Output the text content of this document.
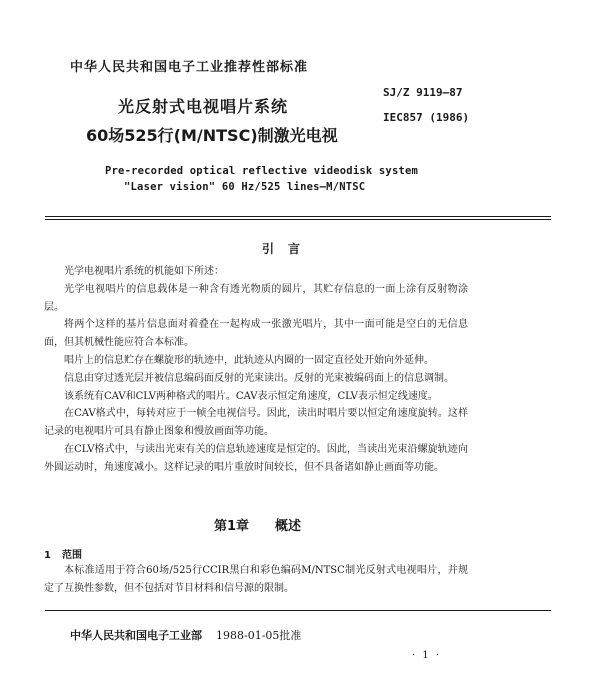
中华人民共和国电子工业推荐性部标准
光反射式电视唱片系统
60场525行(M/NTSC)制激光电视
SJ/Z 9119—87
IEC857 (1986)
Pre-recorded optical reflective videodisk system
"Laser vision" 60 Hz/525 lines—M/NTSC
引言

光学电视唱片系统的机能如下所述：

光学电视唱片的信息载体是一种含有透光物质的圆片，其贮存信息的一面上涂有反射物涂层。

将两个这样的基片信息面对着叠在一起构成一张激光唱片，其中一面可能是空白的无信息面，但其机械性能应符合本标准。

唱片上的信息贮存在螺旋形的轨迹中，此轨迹从内圈的一固定直径处开始向外延伸。

信息由穿过透光层并被信息编码面反射的光束读出。反射的光束被编码面上的信息调制。

该系统有CAV和CLV两种格式的唱片。CAV表示恒定角速度，CLV表示恒定线速度。

在CAV格式中，每转对应于一帧全电视信号。因此，读出时唱片要以恒定角速度旋转。这样记录的电视唱片可具有静止图象和慢放画面等功能。

在CLV格式中，与读出光束有关的信息轨迹速度是恒定的。因此，当读出光束沿螺旋轨迹向外圆运动时，角速度减小。这样记录的唱片重放时间较长，但不具备诸如静止画面等功能。

第1章 概述
1 范围

本标准适用于符合60场/525行CCIR黑白和彩色编码M/NTSC制光反射式电视唱片，并规定了互换性参数，但不包括对节目材料和信号源的限制。

中华人民共和国电子工业部 1988-01-05批准
· 1 ·
